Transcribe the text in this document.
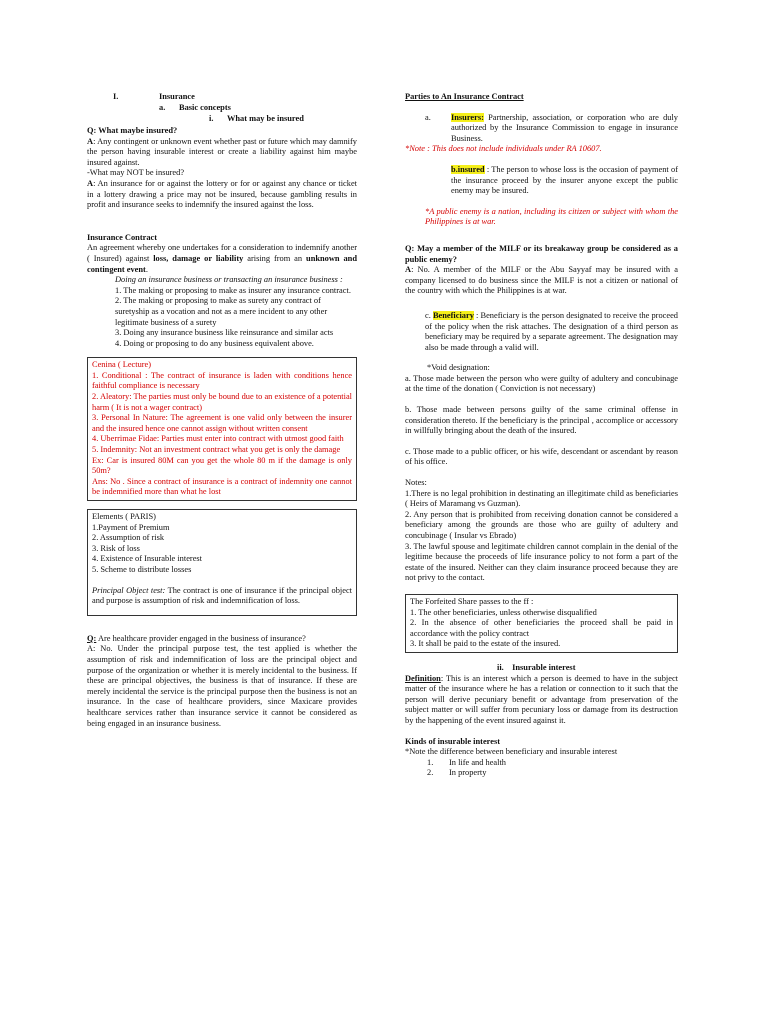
I.	Insurance
a. Basic concepts
i. What may be insured

Q: What maybe insured?

A: Any contingent or unknown event whether past or future which may damnify the person having insurable interest or create a liability against him maybe insured against.

-What may NOT be insured?

A: An insurance for or against the lottery or for or against any chance or ticket in a lottery drawing a price may not be insured, because gambling results in profit and insurance seeks to indemnify the insured against the loss.

Insurance Contract

An agreement whereby one undertakes for a consideration to indemnify another ( Insured) against loss, damage or liability arising from an unknown and contingent event.

Doing an insurance business or transacting an insurance business :

1. The making or proposing to make as insurer any insurance contract.

2. The making or proposing to make as surety any contract of suretyship as a vocation and not as a mere incident to any other legitimate business of a surety

3. Doing any insurance business like reinsurance and similar acts

4. Doing or proposing to do any business equivalent above.

Cenina ( Lecture)

1. Conditional : The contract of insurance is laden with conditions hence faithful compliance is necessary

2. Aleatory: The parties must only be bound due to an existence of a potential harm ( It is not a wager contract)

3. Personal In Nature: The agreement is one valid only between the insurer and the insured hence one cannot assign without written consent

4. Uberrimae Fidae: Parties must enter into contract with utmost good faith

5. Indemnity: Not an investment contract what you get is only the damage

Ex: Car is insured 80M can you get the whole 80 m if the damage is only 50m?

Ans: No . Since a contract of insurance is a contract of indemnity one cannot be indemnified more than what he lost

Elements ( PARIS)

1.Payment of Premium

2. Assumption of risk

3. Risk of loss

4. Existence of Insurable interest

5. Scheme to distribute losses

Principal Object test: The contract is one of insurance if the principal object and purpose is assumption of risk and indemnification of loss.

Q: Are healthcare provider engaged in the business of insurance?

A: No. Under the principal purpose test, the test applied is whether the assumption of risk and indemnification of loss are the principal object and purpose of the organization or whether it is merely incidental to the business. If these are principal objectives, the business is that of insurance. If these are merely incidental the service is the principal purpose then the business is not an insurance. In the case of healthcare providers, since Maxicare provides healthcare services rather than insurance service it cannot be considered as being engaged in an insurance business.

Parties to An Insurance Contract

a.	Insurers: Partnership, association, or corporation who are duly authorized by the Insurance Commission to engage in insurance Business.

*Note : This does not include individuals under RA 10607.

b.insured : The person to whose loss is the occasion of payment of the insurance proceed by the insurer anyone except the public enemy may be insured.

*A public enemy is a nation, including its citizen or subject with whom the Philippines is at war.

Q: May a member of the MILF or its breakaway group be considered as a public enemy?

A: No. A member of the MILF or the Abu Sayyaf may be insured with a company licensed to do business since the MILF is not a citizen or national of the country with which the Philippines is at war.

c. Beneficiary : Beneficiary is the person designated to receive the proceed of the policy when the risk attaches. The designation of a third person as beneficiary may be required by a separate agreement. The designation may also be made through a valid will.

*Void designation:

a. Those made between the person who were guilty of adultery and concubinage at the time of the donation ( Conviction is not necessary)

b. Those made between persons guilty of the same criminal offense in consideration thereto. If the beneficiary is the principal , accomplice or accessory in willfully bringing about the death of the insured.

c. Those made to a public officer, or his wife, descendant or ascendant by reason of his office.

Notes:

1.There is no legal prohibition in destinating an illegitimate child as beneficiaries ( Heirs of Maramang vs Guzman).

2. Any person that is prohibited from receiving donation cannot be considered a beneficiary among the grounds are those who are guilty of adultery and concubinage ( Insular vs Ebrado)

3. The lawful spouse and legitimate children cannot complain in the denial of the legitime because the proceeds of life insurance policy to not form a part of the estate of the insured. Neither can they claim insurance proceed because they are not privy to the contact.

The Forfeited Share passes to the ff :

1. The other beneficiaries, unless otherwise disqualified

2. In the absence of other beneficiaries the proceed shall be paid in accordance with the policy contract

3. It shall be paid to the estate of the insured.

ii. Insurable interest

Definition: This is an interest which a person is deemed to have in the subject matter of the insurance where he has a relation or connection to it such that the person will derive pecuniary benefit or advantage from preservation of the subject matter or will suffer from pecuniary loss or damage from its destruction by the happening of the event insured against it.

Kinds of insurable interest

*Note the difference between beneficiary and insurable interest

1. In life and health

2. In property
